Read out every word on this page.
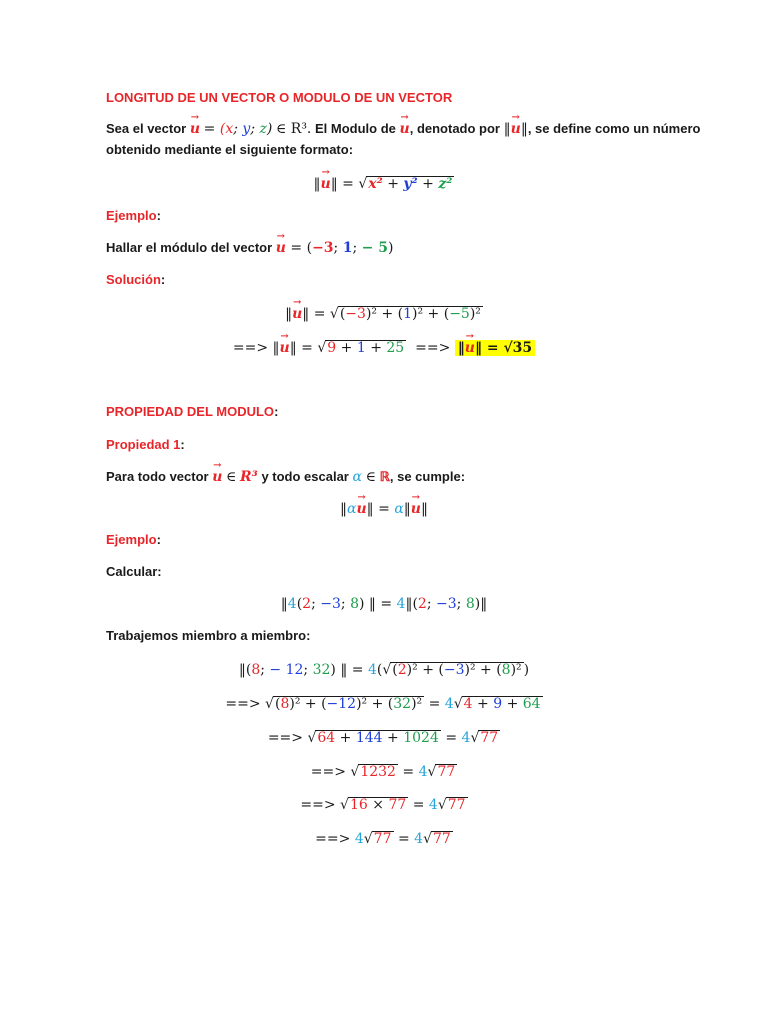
LONGITUD DE UN VECTOR O MODULO DE UN VECTOR
Sea el vector → u = (x; y; z) ∈ R³. El Modulo de → u, denotado por ‖→ u‖, se define como un número
obtenido mediante el siguiente formato:
‖→ u‖ = √x² + y² + z²
Ejemplo:
Hallar el módulo del vector → u = (−3; 1; − 5)
Solución:
‖→ u‖ = √(−3)² + (1)² + (−5)²
==> ‖→ u‖ = √9 + 1 + 25 ==> ‖→ u‖ = √35
PROPIEDAD DEL MODULO:
Propiedad 1:
Para todo vector → u ∈ R³ y todo escalar α ∈ ℝ, se cumple:
‖α→ u‖ = α‖→ u‖
Ejemplo:
Calcular:
‖4(2; −3; 8) ‖ = 4‖(2; −3; 8)‖
Trabajemos miembro a miembro:
‖(8; − 12; 32) ‖ = 4(√(2)² + (−3)² + (8)² )
==> √(8)² + (−12)² + (32)² = 4√4 + 9 + 64
==> √64 + 144 + 1024 = 4√77
==> √1232 = 4√77
==> √16 × 77 = 4√77
==> 4√77 = 4√77
